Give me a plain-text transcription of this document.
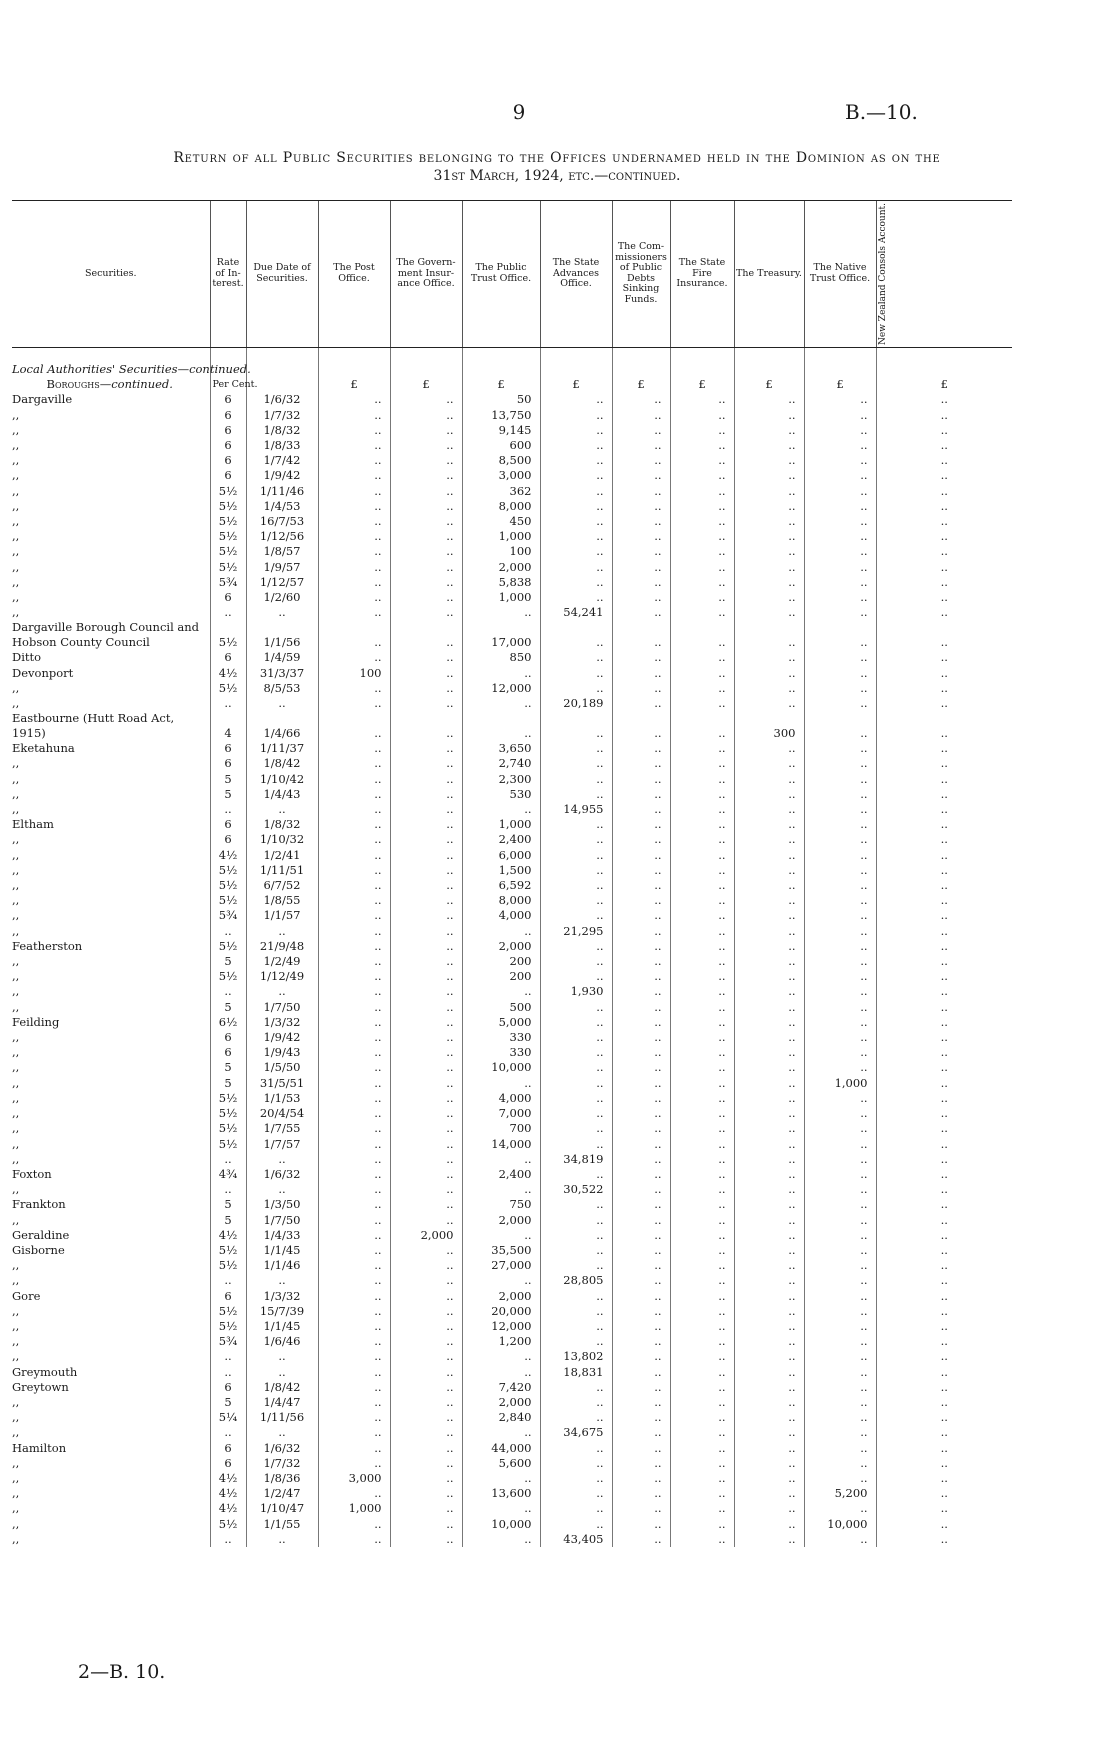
9	B.—10.
Return of all Public Securities belonging to the Offices undernamed held in the Dominion as on the
31st March, 1924, etc.—continued.
Securities.	Rate of In-terest.	Due Date of Securities.	The Post Office.	The Govern-ment Insur-ance Office.	The Public Trust Office.	The State Advances Office.	The Com-missioners of Public Debts Sinking Funds.	The State Fire Insurance.	The Treasury.	The Native Trust Office.	New Zealand Consols Account.

Local Authorities' Securities—continued.											
Boroughs—continued.	Per Cent.		£	£	£	£	£	£	£	£	£
Dargaville	6	1/6/32	..	..	50	..	..	..	..	..	..
,,	6	1/7/32	..	..	13,750	..	..	..	..	..	..
,,	6	1/8/32	..	..	9,145	..	..	..	..	..	..
,,	6	1/8/33	..	..	600	..	..	..	..	..	..
,,	6	1/7/42	..	..	8,500	..	..	..	..	..	..
,,	6	1/9/42	..	..	3,000	..	..	..	..	..	..
,,	5½	1/11/46	..	..	362	..	..	..	..	..	..
,,	5½	1/4/53	..	..	8,000	..	..	..	..	..	..
,,	5½	16/7/53	..	..	450	..	..	..	..	..	..
,,	5½	1/12/56	..	..	1,000	..	..	..	..	..	..
,,	5½	1/8/57	..	..	100	..	..	..	..	..	..
,,	5½	1/9/57	..	..	2,000	..	..	..	..	..	..
,,	5¾	1/12/57	..	..	5,838	..	..	..	..	..	..
,,	6	1/2/60	..	..	1,000	..	..	..	..	..	..
,,	..	..	..	..	..	54,241	..	..	..	..	..
Dargaville Borough Council and Hobson County Council	5½	1/1/56	..	..	17,000	..	..	..	..	..	..
Ditto	6	1/4/59	..	..	850	..	..	..	..	..	..
Devonport	4½	31/3/37	100	..	..	..	..	..	..	..	..
,,	5½	8/5/53	..	..	12,000	..	..	..	..	..	..
,,	..	..	..	..	..	20,189	..	..	..	..	..
Eastbourne (Hutt Road Act, 1915)	4	1/4/66	..	..	..	..	..	..	300	..	..
Eketahuna	6	1/11/37	..	..	3,650	..	..	..	..	..	..
,,	6	1/8/42	..	..	2,740	..	..	..	..	..	..
,,	5	1/10/42	..	..	2,300	..	..	..	..	..	..
,,	5	1/4/43	..	..	530	..	..	..	..	..	..
,,	..	..	..	..	..	14,955	..	..	..	..	..
Eltham	6	1/8/32	..	..	1,000	..	..	..	..	..	..
,,	6	1/10/32	..	..	2,400	..	..	..	..	..	..
,,	4½	1/2/41	..	..	6,000	..	..	..	..	..	..
,,	5½	1/11/51	..	..	1,500	..	..	..	..	..	..
,,	5½	6/7/52	..	..	6,592	..	..	..	..	..	..
,,	5½	1/8/55	..	..	8,000	..	..	..	..	..	..
,,	5¾	1/1/57	..	..	4,000	..	..	..	..	..	..
,,	..	..	..	..	..	21,295	..	..	..	..	..
Featherston	5½	21/9/48	..	..	2,000	..	..	..	..	..	..
,,	5	1/2/49	..	..	200	..	..	..	..	..	..
,,	5½	1/12/49	..	..	200	..	..	..	..	..	..
,,	..	..	..	..	..	1,930	..	..	..	..	..
,,	5	1/7/50	..	..	500	..	..	..	..	..	..
Feilding	6½	1/3/32	..	..	5,000	..	..	..	..	..	..
,,	6	1/9/42	..	..	330	..	..	..	..	..	..
,,	6	1/9/43	..	..	330	..	..	..	..	..	..
,,	5	1/5/50	..	..	10,000	..	..	..	..	..	..
,,	5	31/5/51	..	..	..	..	..	..	..	1,000	..
,,	5½	1/1/53	..	..	4,000	..	..	..	..	..	..
,,	5½	20/4/54	..	..	7,000	..	..	..	..	..	..
,,	5½	1/7/55	..	..	700	..	..	..	..	..	..
,,	5½	1/7/57	..	..	14,000	..	..	..	..	..	..
,,	..	..	..	..	..	34,819	..	..	..	..	..
Foxton	4¾	1/6/32	..	..	2,400	..	..	..	..	..	..
,,	..	..	..	..	..	30,522	..	..	..	..	..
Frankton	5	1/3/50	..	..	750	..	..	..	..	..	..
,,	5	1/7/50	..	..	2,000	..	..	..	..	..	..
Geraldine	4½	1/4/33	..	2,000	..	..	..	..	..	..	..
Gisborne	5½	1/1/45	..	..	35,500	..	..	..	..	..	..
,,	5½	1/1/46	..	..	27,000	..	..	..	..	..	..
,,	..	..	..	..	..	28,805	..	..	..	..	..
Gore	6	1/3/32	..	..	2,000	..	..	..	..	..	..
,,	5½	15/7/39	..	..	20,000	..	..	..	..	..	..
,,	5½	1/1/45	..	..	12,000	..	..	..	..	..	..
,,	5¾	1/6/46	..	..	1,200	..	..	..	..	..	..
,,	..	..	..	..	..	13,802	..	..	..	..	..
Greymouth	..	..	..	..	..	18,831	..	..	..	..	..
Greytown	6	1/8/42	..	..	7,420	..	..	..	..	..	..
,,	5	1/4/47	..	..	2,000	..	..	..	..	..	..
,,	5¼	1/11/56	..	..	2,840	..	..	..	..	..	..
,,	..	..	..	..	..	34,675	..	..	..	..	..
Hamilton	6	1/6/32	..	..	44,000	..	..	..	..	..	..
,,	6	1/7/32	..	..	5,600	..	..	..	..	..	..
,,	4½	1/8/36	3,000	..	..	..	..	..	..	..	..
,,	4½	1/2/47	..	..	13,600	..	..	..	..	5,200	..
,,	4½	1/10/47	1,000	..	..	..	..	..	..	..	..
,,	5½	1/1/55	..	..	10,000	..	..	..	..	10,000	..
,,	..	..	..	..	..	43,405	..	..	..	..	..
2—B. 10.
